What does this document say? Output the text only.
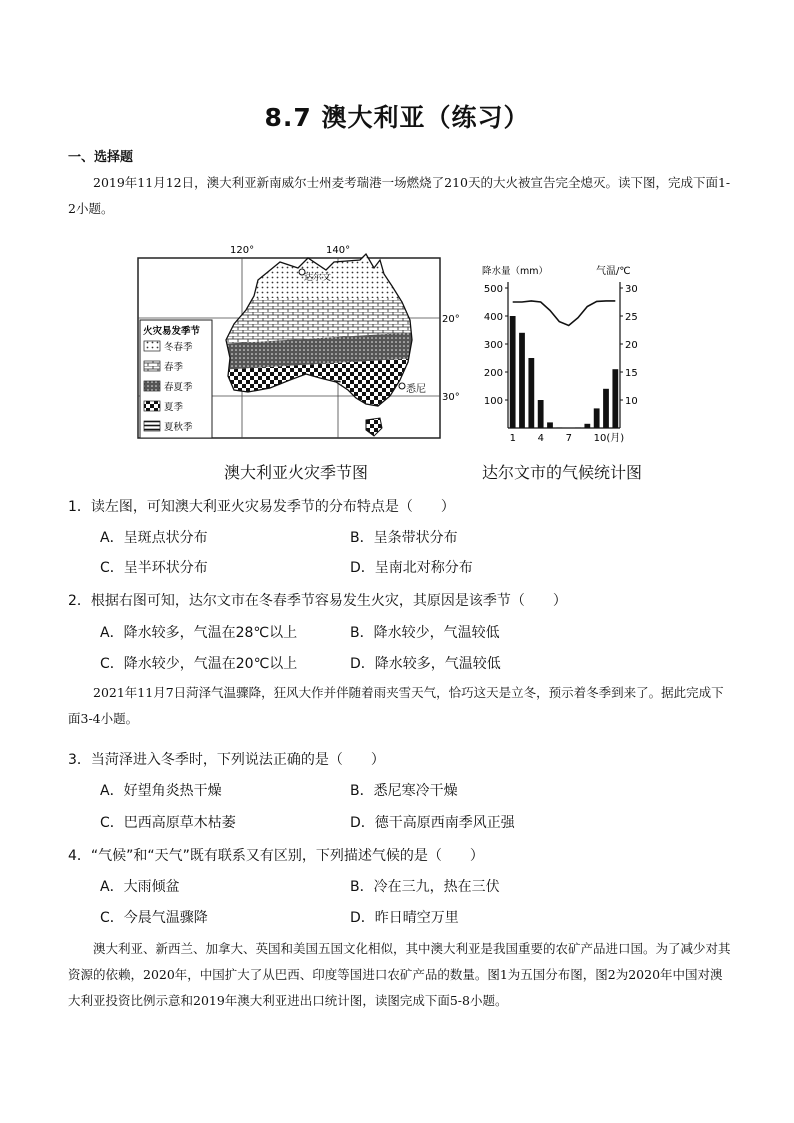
8.7 澳大利亚（练习）
一、选择题
2019年11月12日，澳大利亚新南威尔士州麦考瑞港一场燃烧了210天的大火被宣告完全熄灭。读下图，完成下面1-2小题。
达尔文
悉尼
120°	140°
20°
30°
火灾易发季节
冬春季
春季
春夏季
夏季
夏秋季
澳大利亚火灾季节图
降水量（mm）	气温/℃
500
400
300
200
100
30
25
20
15
10
1 4 7 10(月)
达尔文市的气候统计图
1．读左图，可知澳大利亚火灾易发季节的分布特点是（　　）
A．呈斑点状分布	B．呈条带状分布
C．呈半环状分布	D．呈南北对称分布
2．根据右图可知，达尔文市在冬春季节容易发生火灾，其原因是该季节（　　）
A．降水较多，气温在28℃以上	B．降水较少，气温较低
C．降水较少，气温在20℃以上	D．降水较多，气温较低
2021年11月7日菏泽气温骤降，狂风大作并伴随着雨夹雪天气，恰巧这天是立冬，预示着冬季到来了。据此完成下面3-4小题。
3．当菏泽进入冬季时，下列说法正确的是（　　）
A．好望角炎热干燥	B．悉尼寒冷干燥
C．巴西高原草木枯萎	D．德干高原西南季风正强
4．“气候”和“天气”既有联系又有区别，下列描述气候的是（　　）
A．大雨倾盆	B．冷在三九，热在三伏
C．今晨气温骤降	D．昨日晴空万里
澳大利亚、新西兰、加拿大、英国和美国五国文化相似，其中澳大利亚是我国重要的农矿产品进口国。为了减少对其资源的依赖，2020年，中国扩大了从巴西、印度等国进口农矿产品的数量。图1为五国分布图，图2为2020年中国对澳大利亚投资比例示意和2019年澳大利亚进出口统计图，读图完成下面5-8小题。
